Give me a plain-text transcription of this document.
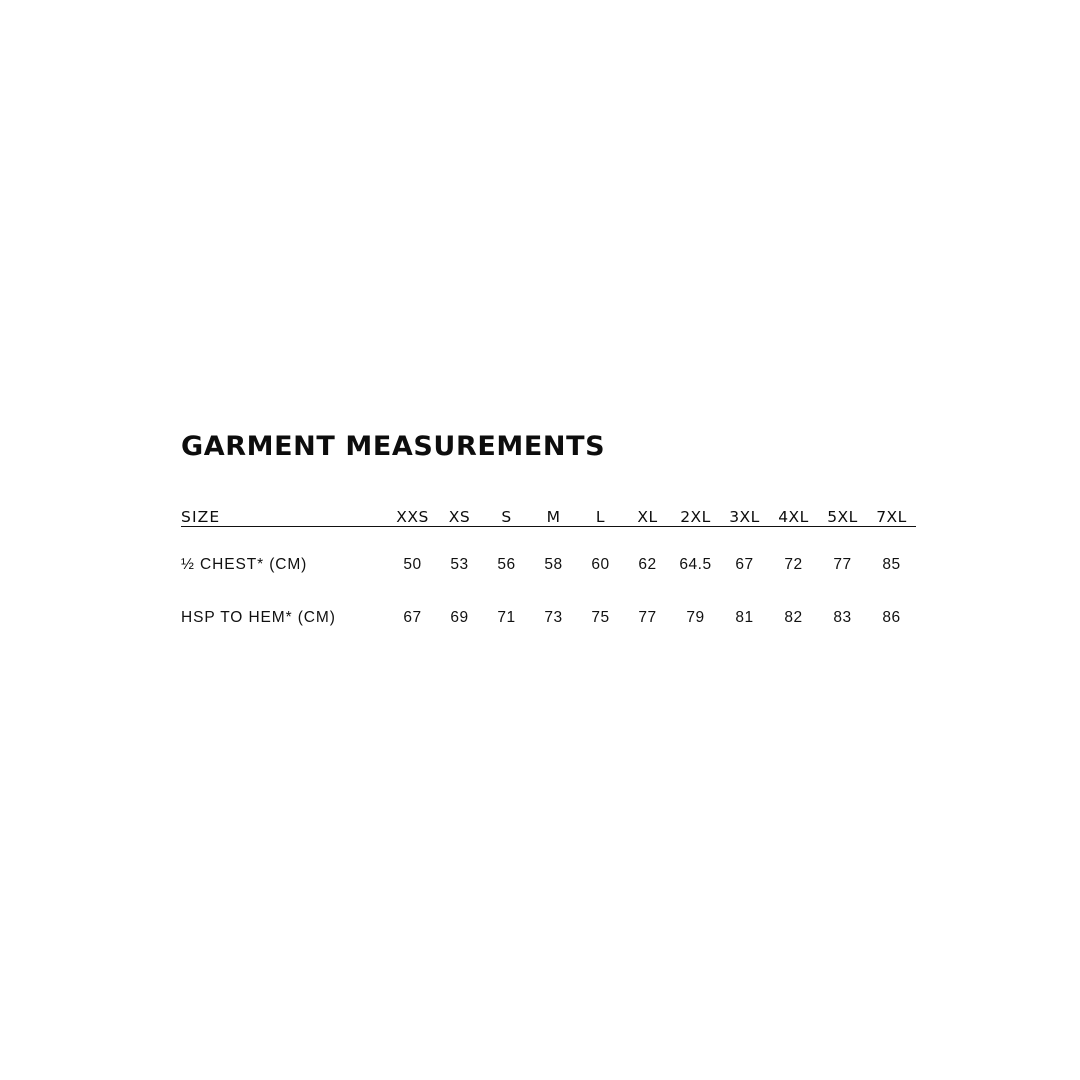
GARMENT MEASUREMENTS
SIZE	XXS	XS	S	M	L	XL	2XL	3XL	4XL	5XL	7XL
½ CHEST* (CM)	50	53	56	58	60	62	64.5	67	72	77	85
HSP TO HEM* (CM)	67	69	71	73	75	77	79	81	82	83	86
